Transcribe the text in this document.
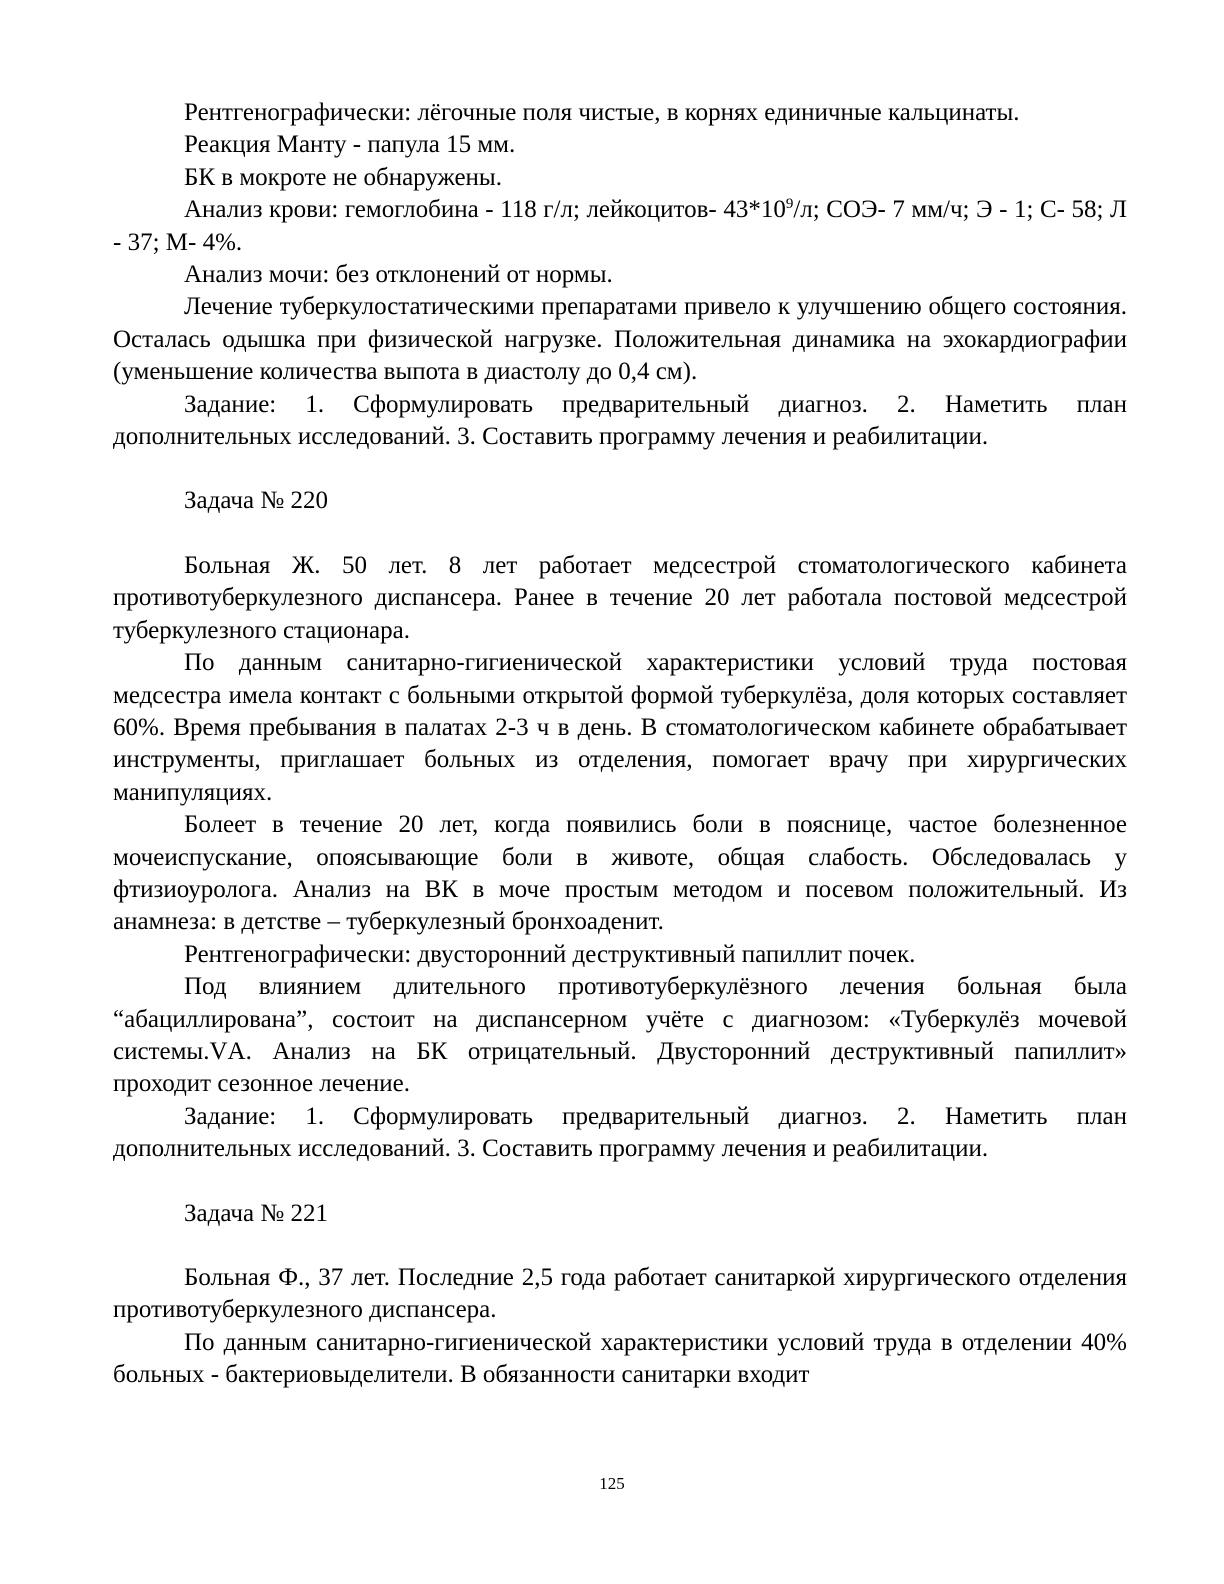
Рентгенографически: лёгочные поля чистые, в корнях единичные кальцинаты.

Реакция Манту - папула 15 мм.

БК в мокроте не обнаружены.

Анализ крови: гемоглобина - 118 г/л; лейкоцитов- $43*10^9/л$; СОЭ- 7 мм/ч; Э - 1; С- 58; Л - 37; М- 4%.

Анализ мочи: без отклонений от нормы.

Лечение туберкулостатическими препаратами привело к улучшению общего состояния. Осталась одышка при физической нагрузке. Положительная динамика на эхокардиографии (уменьшение количества выпота в диастолу до 0,4 см).

Задание: 1. Сформулировать предварительный диагноз. 2. Наметить план дополнительных исследований. 3. Составить программу лечения и реабилитации.

Задача № 220

Больная Ж. 50 лет. 8 лет работает медсестрой стоматологического кабинета противотуберкулезного диспансера. Ранее в течение 20 лет работала постовой медсестрой туберкулезного стационара.

По данным санитарно-гигиенической характеристики условий труда постовая медсестра имела контакт с больными открытой формой туберкулёза, доля которых составляет 60%. Время пребывания в палатах 2-3 ч в день. В стоматологическом кабинете обрабатывает инструменты, приглашает больных из отделения, помогает врачу при хирургических манипуляциях.

Болеет в течение 20 лет, когда появились боли в пояснице, частое болезненное мочеиспускание, опоясывающие боли в животе, общая слабость. Обследовалась у фтизиоуролога. Анализ на ВК в моче простым методом и посевом положительный. Из анамнеза: в детстве – туберкулезный бронхоаденит.

Рентгенографически: двусторонний деструктивный папиллит почек.

Под влиянием длительного противотуберкулёзного лечения больная была “абациллирована”, состоит на диспансерном учёте с диагнозом: «Туберкулёз мочевой системы.VА. Анализ на БК отрицательный. Двусторонний деструктивный папиллит» проходит сезонное лечение.

Задание: 1. Сформулировать предварительный диагноз. 2. Наметить план дополнительных исследований. 3. Составить программу лечения и реабилитации.

Задача № 221

Больная Ф., 37 лет. Последние 2,5 года работает санитаркой хирургического отделения противотуберкулезного диспансера.

По данным санитарно-гигиенической характеристики условий труда в отделении 40% больных - бактериовыделители. В обязанности санитарки входит

125
